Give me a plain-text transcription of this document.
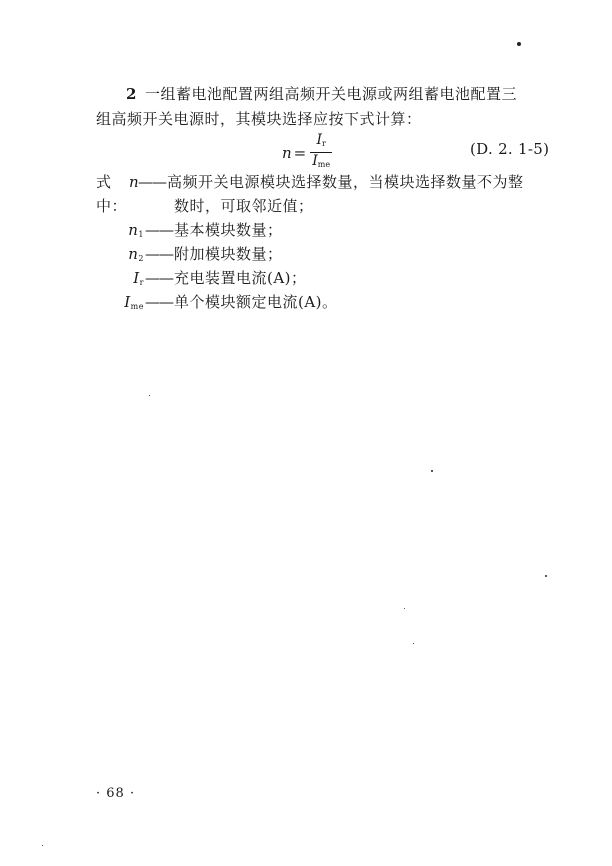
2 一组蓄电池配置两组高频开关电源或两组蓄电池配置三
组高频开关电源时，其模块选择应按下式计算：
$n = \frac{I_r}{I_{me}}$	(D. 2. 1-5)
式中：
n
—— 高频开关电源模块选择数量，当模块选择数量不为整
数时，可取邻近值；
$n_1$ —— 基本模块数量；
$n_2$ —— 附加模块数量；
$I_r$ —— 充电装置电流(A)；
$I_{me}$ —— 单个模块额定电流(A)。
· 68 ·
